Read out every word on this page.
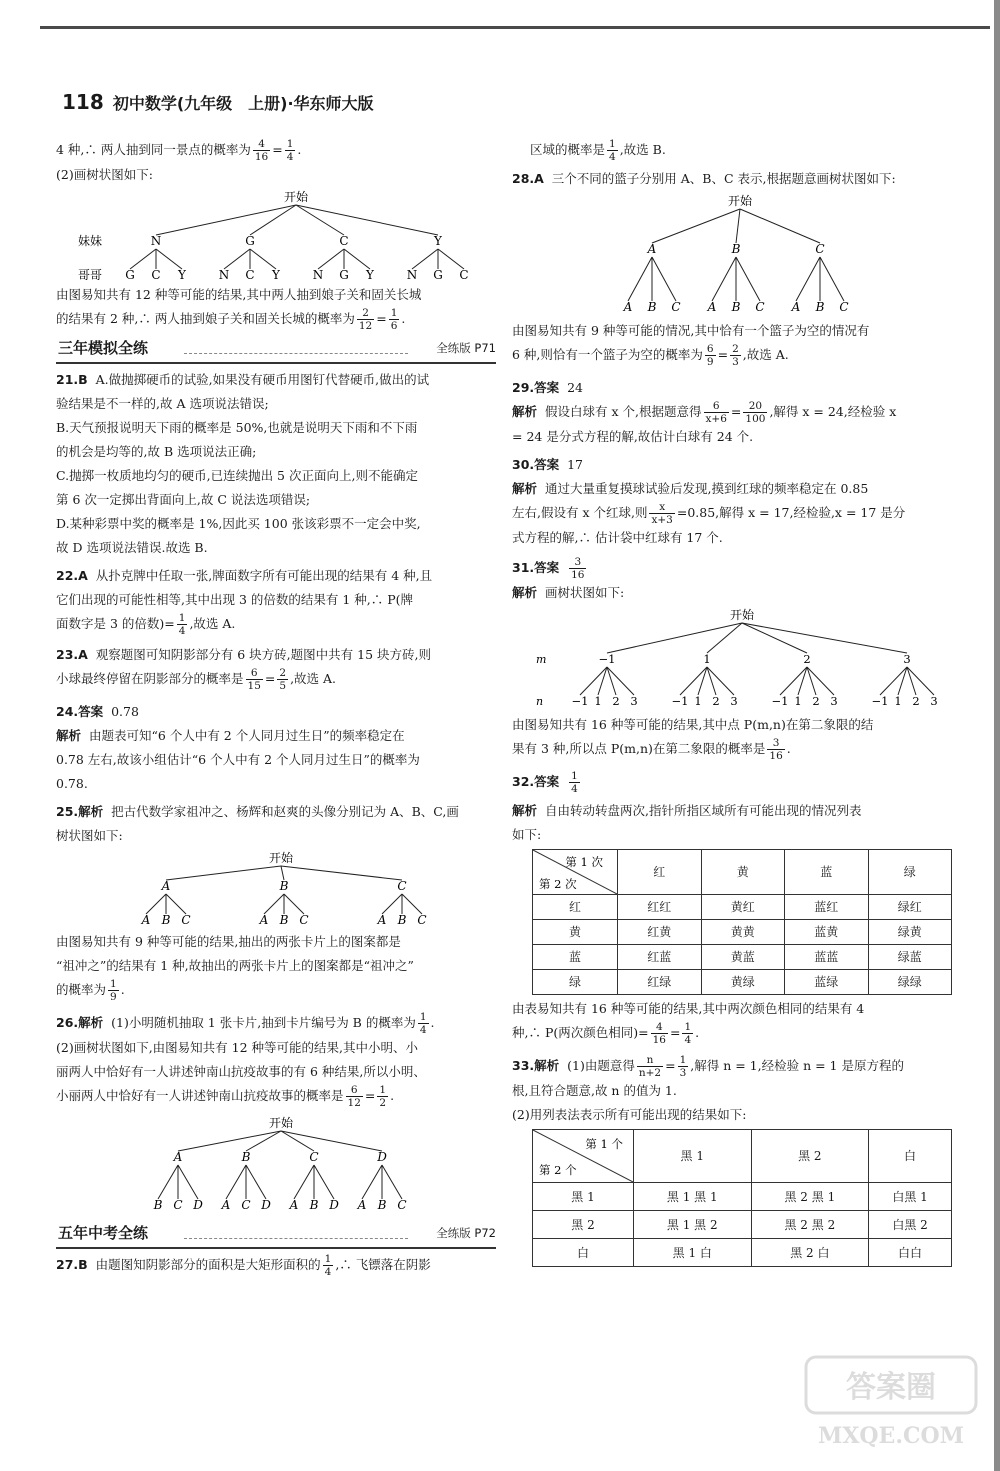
118 初中数学(九年级　上册)·华东师大版

4 种,∴ 两人抽到同一景点的概率为 $\frac{4}{16} = \frac{1}{4}$ .

(2)画树状图如下:

开始
妹妹
哥哥
N
G C Y
G
N C Y
C
N G Y
Y
N G C

由图易知共有 12 种等可能的结果,其中两人抽到娘子关和固关长城

的结果有 2 种,∴ 两人抽到娘子关和固关长城的概率为 $\frac{2}{12} = \frac{1}{6}$ .

三年模拟全练	全练版 P71

21.B A.做抛掷硬币的试验,如果没有硬币用图钉代替硬币,做出的试

验结果是不一样的,故 A 选项说法错误;

B.天气预报说明天下雨的概率是 50%,也就是说明天下雨和不下雨

的机会是均等的,故 B 选项说法正确;

C.抛掷一枚质地均匀的硬币,已连续抛出 5 次正面向上,则不能确定

第 6 次一定掷出背面向上,故 C 说法选项错误;

D.某种彩票中奖的概率是 1%,因此买 100 张该彩票不一定会中奖,

故 D 选项说法错误.故选 B.

22.A 从扑克牌中任取一张,牌面数字所有可能出现的结果有 4 种,且

它们出现的可能性相等,其中出现 3 的倍数的结果有 1 种,∴ P(牌

面数字是 3 的倍数)= $\frac{1}{4}$ ,故选 A.

23.A 观察题图可知阴影部分有 6 块方砖,题图中共有 15 块方砖,则

小球最终停留在阴影部分的概率是 $\frac{6}{15} = \frac{2}{5}$ ,故选 A.

24.答案 0.78

解析 由题表可知“6 个人中有 2 个人同月过生日”的频率稳定在

0.78 左右,故该小组估计“6 个人中有 2 个人同月过生日”的概率为

0.78.

25.解析 把古代数学家祖冲之、杨辉和赵爽的头像分别记为 A、B、C,画

树状图如下:

开始
A
A B C
B
A B C
C
A B C

由图易知共有 9 种等可能的结果,抽出的两张卡片上的图案都是

“祖冲之”的结果有 1 种,故抽出的两张卡片上的图案都是“祖冲之”

的概率为 $\frac{1}{9}$ .

26.解析 (1)小明随机抽取 1 张卡片,抽到卡片编号为 B 的概率为 $\frac{1}{4}$ .

(2)画树状图如下,由图易知共有 12 种等可能的结果,其中小明、小

丽两人中恰好有一人讲述钟南山抗疫故事的有 6 种结果,所以小明、

小丽两人中恰好有一人讲述钟南山抗疫故事的概率是 $\frac{6}{12} = \frac{1}{2}$ .

开始
A
B C D
B
A C D
C
A B D
D
A B C
五年中考全练	全练版 P72

27.B 由题图知阴影部分的面积是大矩形面积的 $\frac{1}{4}$ ,∴ 飞镖落在阴影

区域的概率是 $\frac{1}{4}$ ,故选 B.

28.A 三个不同的篮子分别用 A、B、C 表示,根据题意画树状图如下:

开始
A
A B C
B
A B C
C
A B C

由图易知共有 9 种等可能的情况,其中恰有一个篮子为空的情况有

6 种,则恰有一个篮子为空的概率为 $\frac{6}{9} = \frac{2}{3}$ ,故选 A.

29.答案 24

解析 假设白球有 x 个,根据题意得 $\frac{6}{x+6} = \frac{20}{100}$ ,解得 x = 24,经检验 x

= 24 是分式方程的解,故估计白球有 24 个.

30.答案 17

解析 通过大量重复摸球试验后发现,摸到红球的频率稳定在 0.85

左右,假设有 x 个红球,则 $\frac{x}{x+3} =0.85$,解得 x = 17,经检验,x = 17 是分

式方程的解,∴ 估计袋中红球有 17 个.

31.答案 $\frac{3}{16}$

解析 画树状图如下:

开始
m
n
−1
−1 1 2 3
1
−1 1 2 3
2
−1 1 2 3
3
−1 1 2 3

由图易知共有 16 种等可能的结果,其中点 P(m,n)在第二象限的结

果有 3 种,所以点 P(m,n)在第二象限的概率是 $\frac{3}{16}$ .

32.答案 $\frac{1}{4}$

解析 自由转动转盘两次,指针所指区域所有可能出现的情况列表

如下:

第 1 次
第 2 次	红	黄	蓝	绿
红	红红	黄红	蓝红	绿红
黄	红黄	黄黄	蓝黄	绿黄
蓝	红蓝	黄蓝	蓝蓝	绿蓝
绿	红绿	黄绿	蓝绿	绿绿

由表易知共有 16 种等可能的结果,其中两次颜色相同的结果有 4

种,∴ P(两次颜色相同)= $\frac{4}{16} = \frac{1}{4}$ .

33.解析 (1)由题意得 $\frac{n}{n+2} = \frac{1}{3}$ ,解得 n = 1,经检验 n = 1 是原方程的

根,且符合题意,故 n 的值为 1.

(2)用列表法表示所有可能出现的结果如下:

第 1 个
第 2 个	黑 1	黑 2	白
黑 1	黑 1 黑 1	黑 2 黑 1	白黑 1
黑 2	黑 1 黑 2	黑 2 黑 2	白黑 2
白	黑 1 白	黑 2 白	白白
答案圈
MXQE.COM
